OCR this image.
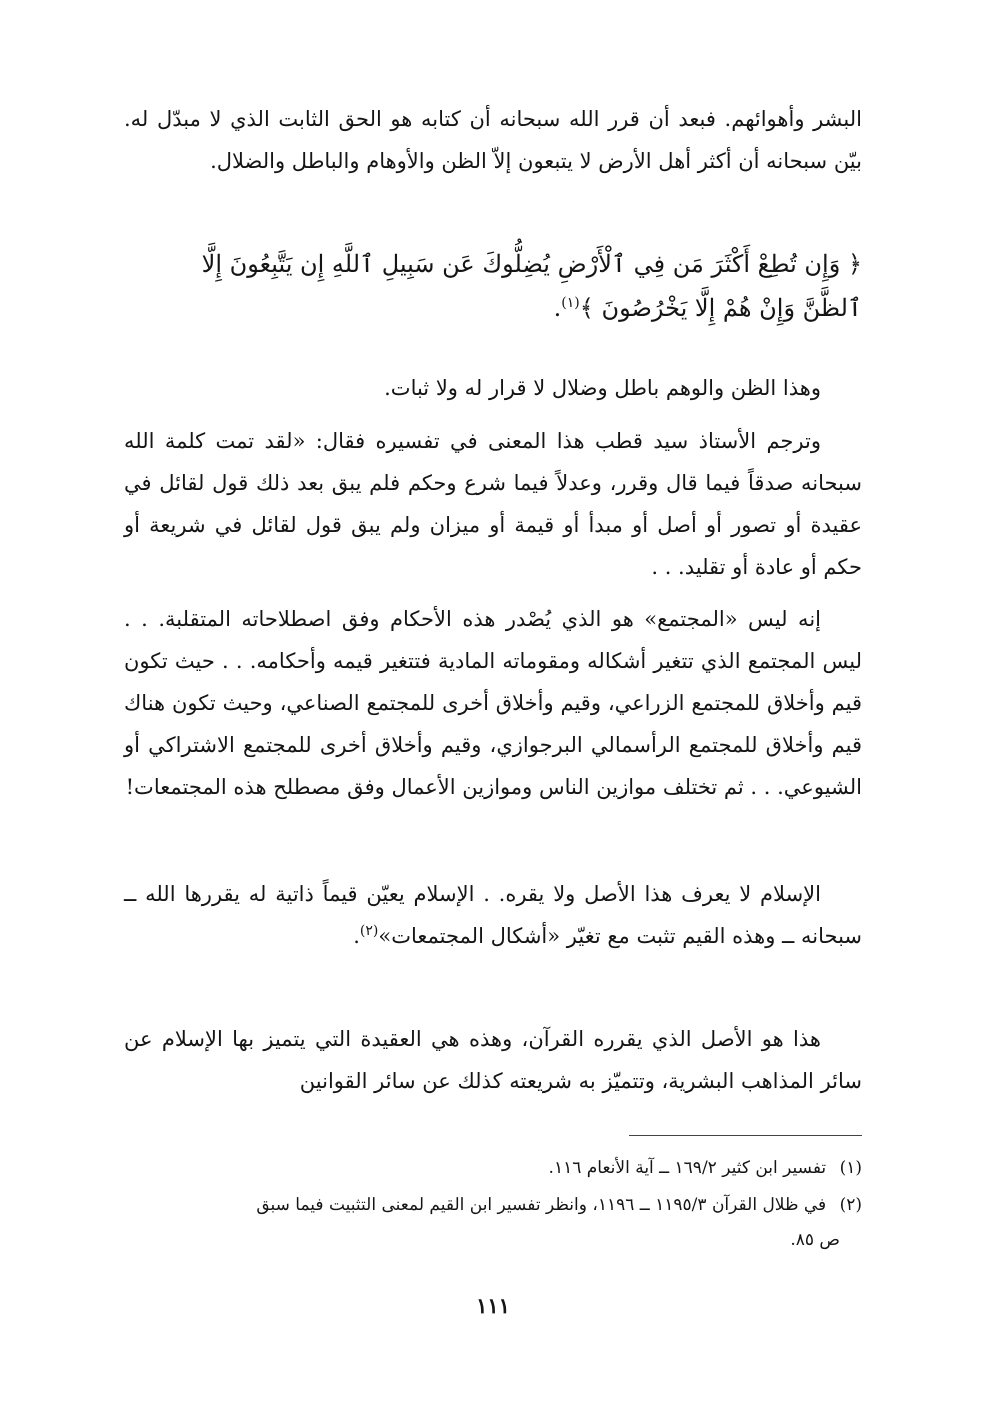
البشر وأهوائهم. فبعد أن قرر الله سبحانه أن كتابه هو الحق الثابت الذي لا مبدّل له. بيّن سبحانه أن أكثر أهل الأرض لا يتبعون إلاّ الظن والأوهام والباطل والضلال.

﴿ وَإِن تُطِعْ أَكْثَرَ مَن فِي ٱلْأَرْضِ يُضِلُّوكَ عَن سَبِيلِ ٱللَّهِ إِن يَتَّبِعُونَ إِلَّا
ٱلظَّنَّ وَإِنْ هُمْ إِلَّا يَخْرُصُونَ ﴾$^{(١)}$.

وهذا الظن والوهم باطل وضلال لا قرار له ولا ثبات.

وترجم الأستاذ سيد قطب هذا المعنى في تفسيره فقال: «لقد تمت كلمة الله سبحانه صدقاً فيما قال وقرر، وعدلاً فيما شرع وحكم فلم يبق بعد ذلك قول لقائل في عقيدة أو تصور أو أصل أو مبدأ أو قيمة أو ميزان ولم يبق قول لقائل في شريعة أو حكم أو عادة أو تقليد. . .

إنه ليس «المجتمع» هو الذي يُصْدر هذه الأحكام وفق اصطلاحاته المتقلبة. . . ليس المجتمع الذي تتغير أشكاله ومقوماته المادية فتتغير قيمه وأحكامه. . . حيث تكون قيم وأخلاق للمجتمع الزراعي، وقيم وأخلاق أخرى للمجتمع الصناعي، وحيث تكون هناك قيم وأخلاق للمجتمع الرأسمالي البرجوازي، وقيم وأخلاق أخرى للمجتمع الاشتراكي أو الشيوعي. . . ثم تختلف موازين الناس وموازين الأعمال وفق مصطلح هذه المجتمعات!

الإسلام لا يعرف هذا الأصل ولا يقره. . الإسلام يعيّن قيماً ذاتية له يقررها الله ــ سبحانه ــ وهذه القيم تثبت مع تغيّر «أشكال المجتمعات»$^{(٢)}$.

هذا هو الأصل الذي يقرره القرآن، وهذه هي العقيدة التي يتميز بها الإسلام عن سائر المذاهب البشرية، وتتميّز به شريعته كذلك عن سائر القوانين

(١) تفسير ابن كثير ١٦٩/٢ ــ آية الأنعام ١١٦.

(٢) في ظلال القرآن ١١٩٥/٣ ــ ١١٩٦، وانظر تفسير ابن القيم لمعنى التثبيت فيما سبق

ص ٨٥.

١١١
